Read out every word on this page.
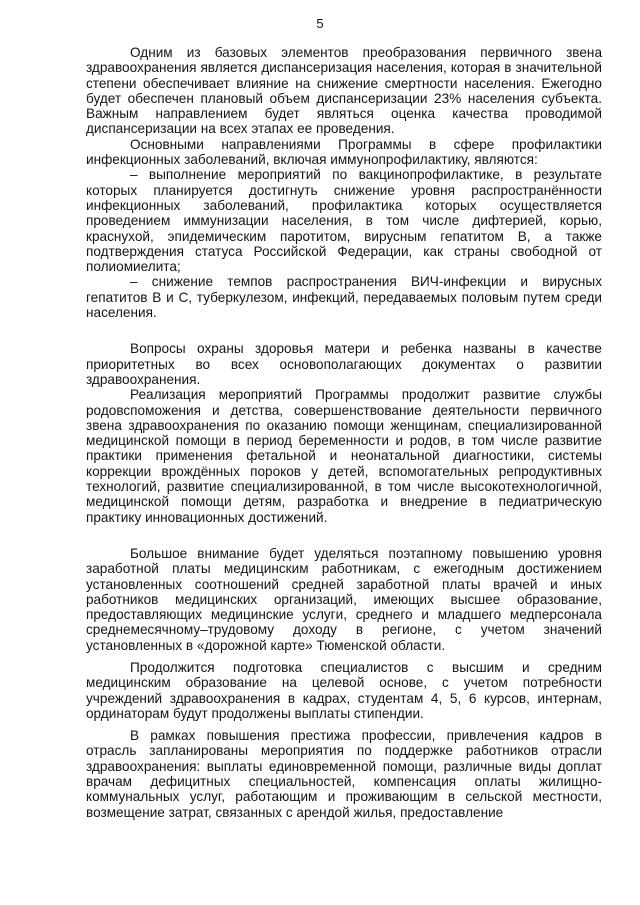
5

Одним из базовых элементов преобразования первичного звена здравоохранения является диспансеризация населения, которая в значительной степени обеспечивает влияние на снижение смертности населения. Ежегодно будет обеспечен плановый объем диспансеризации 23% населения субъекта. Важным направлением будет являться оценка качества проводимой диспансеризации на всех этапах ее проведения.

Основными направлениями Программы в сфере профилактики инфекционных заболеваний, включая иммунопрофилактику, являются:

– выполнение мероприятий по вакцинопрофилактике, в результате которых планируется достигнуть снижение уровня распространённости инфекционных заболеваний, профилактика которых осуществляется проведением иммунизации населения, в том числе дифтерией, корью, краснухой, эпидемическим паротитом, вирусным гепатитом В, а также подтверждения статуса Российской Федерации, как страны свободной от полиомиелита;

– снижение темпов распространения ВИЧ-инфекции и вирусных гепатитов В и С, туберкулезом, инфекций, передаваемых половым путем среди населения.

Вопросы охраны здоровья матери и ребенка названы в качестве приоритетных во всех основополагающих документах о развитии здравоохранения.

Реализация мероприятий Программы продолжит развитие службы родовспоможения и детства, совершенствование деятельности первичного звена здравоохранения по оказанию помощи женщинам, специализированной медицинской помощи в период беременности и родов, в том числе развитие практики применения фетальной и неонатальной диагностики, системы коррекции врождённых пороков у детей, вспомогательных репродуктивных технологий, развитие специализированной, в том числе высокотехнологичной, медицинской помощи детям, разработка и внедрение в педиатрическую практику инновационных достижений.

Большое внимание будет уделяться поэтапному повышению уровня заработной платы медицинским работникам, с ежегодным достижением установленных соотношений средней заработной платы врачей и иных работников медицинских организаций, имеющих высшее образование, предоставляющих медицинские услуги, среднего и младшего медперсонала среднемесячному–трудовому доходу в регионе, с учетом значений установленных в «дорожной карте» Тюменской области.

Продолжится подготовка специалистов с высшим и средним медицинским образование на целевой основе, с учетом потребности учреждений здравоохранения в кадрах, студентам 4, 5, 6 курсов, интернам, ординаторам будут продолжены выплаты стипендии.

В рамках повышения престижа профессии, привлечения кадров в отрасль запланированы мероприятия по поддержке работников отрасли здравоохранения: выплаты единовременной помощи, различные виды доплат врачам дефицитных специальностей, компенсация оплаты жилищно-коммунальных услуг, работающим и проживающим в сельской местности, возмещение затрат, связанных с арендой жилья, предоставление
